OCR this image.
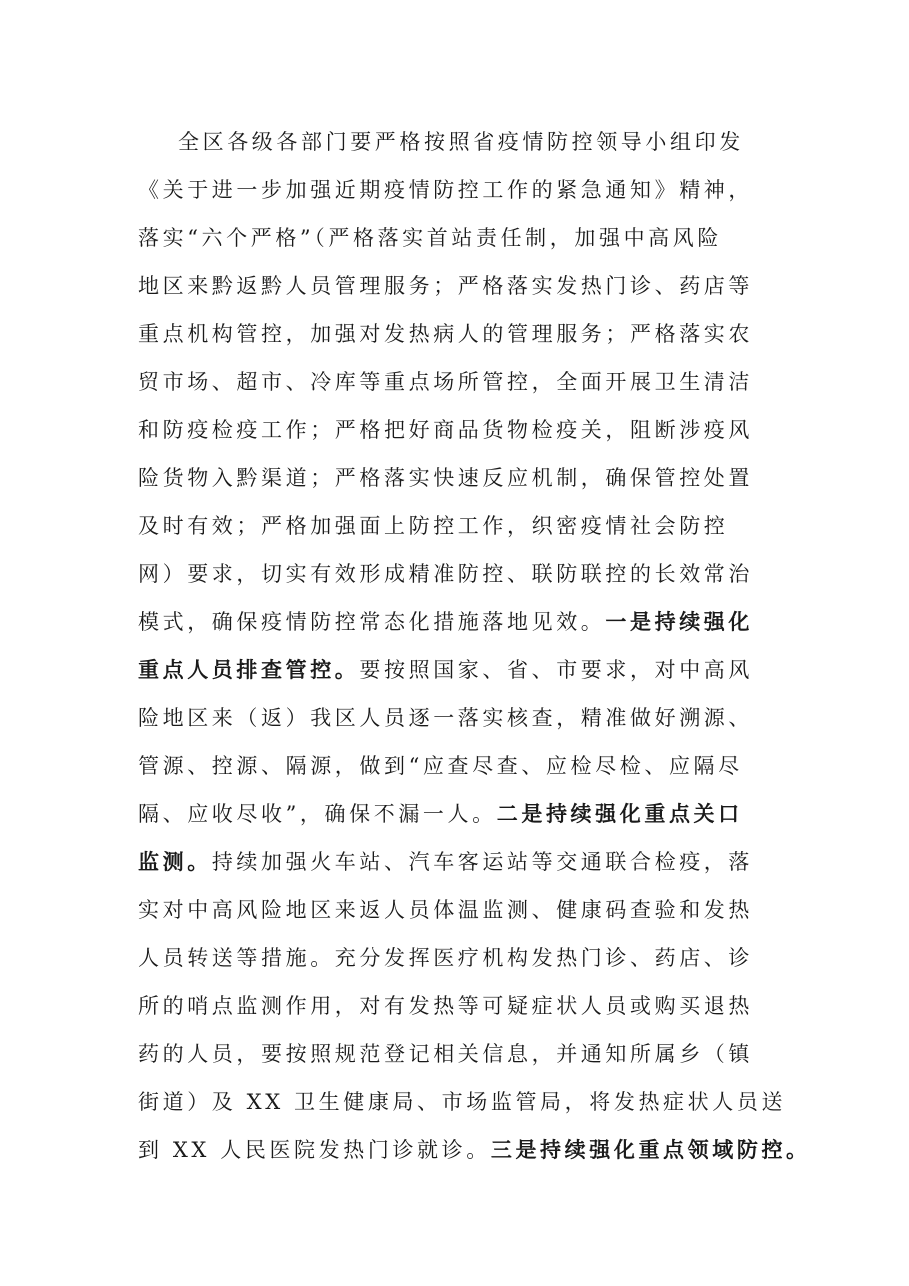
全区各级各部门要严格按照省疫情防控领导小组印发
《关于进一步加强近期疫情防控工作的紧急通知》精神，
落实“六个严格”（严格落实首站责任制，加强中高风险
地区来黔返黔人员管理服务；严格落实发热门诊、药店等
重点机构管控，加强对发热病人的管理服务；严格落实农
贸市场、超市、冷库等重点场所管控，全面开展卫生清洁
和防疫检疫工作；严格把好商品货物检疫关，阻断涉疫风
险货物入黔渠道；严格落实快速反应机制，确保管控处置
及时有效；严格加强面上防控工作，织密疫情社会防控
网）要求，切实有效形成精准防控、联防联控的长效常治
模式，确保疫情防控常态化措施落地见效。一是持续强化
重点人员排查管控。要按照国家、省、市要求，对中高风
险地区来（返）我区人员逐一落实核查，精准做好溯源、
管源、控源、隔源，做到“应查尽查、应检尽检、应隔尽
隔、应收尽收”，确保不漏一人。二是持续强化重点关口
监测。持续加强火车站、汽车客运站等交通联合检疫，落
实对中高风险地区来返人员体温监测、健康码查验和发热
人员转送等措施。充分发挥医疗机构发热门诊、药店、诊
所的哨点监测作用，对有发热等可疑症状人员或购买退热
药的人员，要按照规范登记相关信息，并通知所属乡（镇
街道）及 XX 卫生健康局、市场监管局，将发热症状人员送
到 XX 人民医院发热门诊就诊。三是持续强化重点领域防控。
